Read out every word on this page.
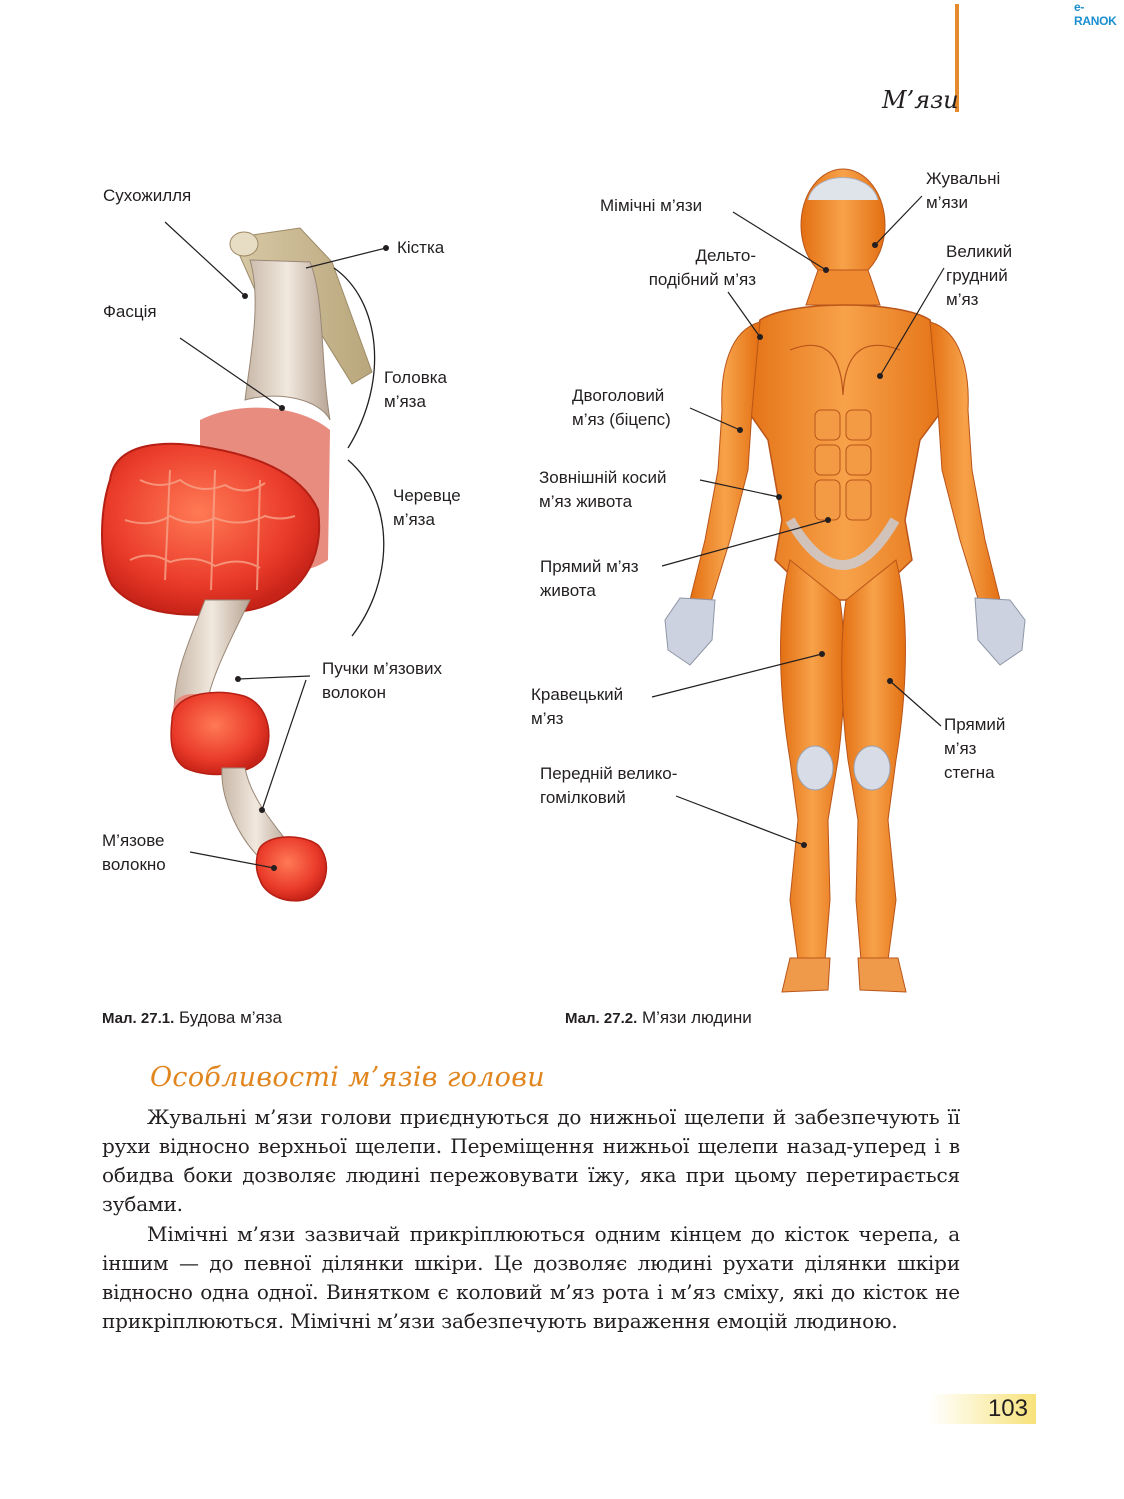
e-RANOK
М’язи
Сухожилля
Кістка
Фасція
Головка
м’яза
Черевце
м’яза
Пучки м’язових
волокон
М’язове
волокно
Мімічні м’язи
Жувальні
м’язи
Дельто-
подібний м’яз
Великий
грудний
м’яз
Двоголовий
м’яз (біцепс)
Зовнішній косий
м’яз живота
Прямий м’яз
живота
Кравецький
м’яз	Прямий
м’яз
стегна
Передній велико-
гомілковий
Мал. 27.1. Будова м’яза	Мал. 27.2. М’язи людини
Особливості м’язів голови

Жувальні м’язи голови приєднуються до нижньої щелепи й забезпечують її рухи відносно верхньої щелепи. Переміщення нижньої щелепи назад-уперед і в обидва боки дозволяє людині пережовувати їжу, яка при цьому перетирається зубами.

Мімічні м’язи зазвичай прикріплюються одним кінцем до кісток черепа, а іншим — до певної ділянки шкіри. Це дозволяє людині рухати ділянки шкіри відносно одна одної. Винятком є коловий м’яз рота і м’яз сміху, які до кісток не прикріплюються. Мімічні м’язи забезпечують вираження емоцій людиною.

103
